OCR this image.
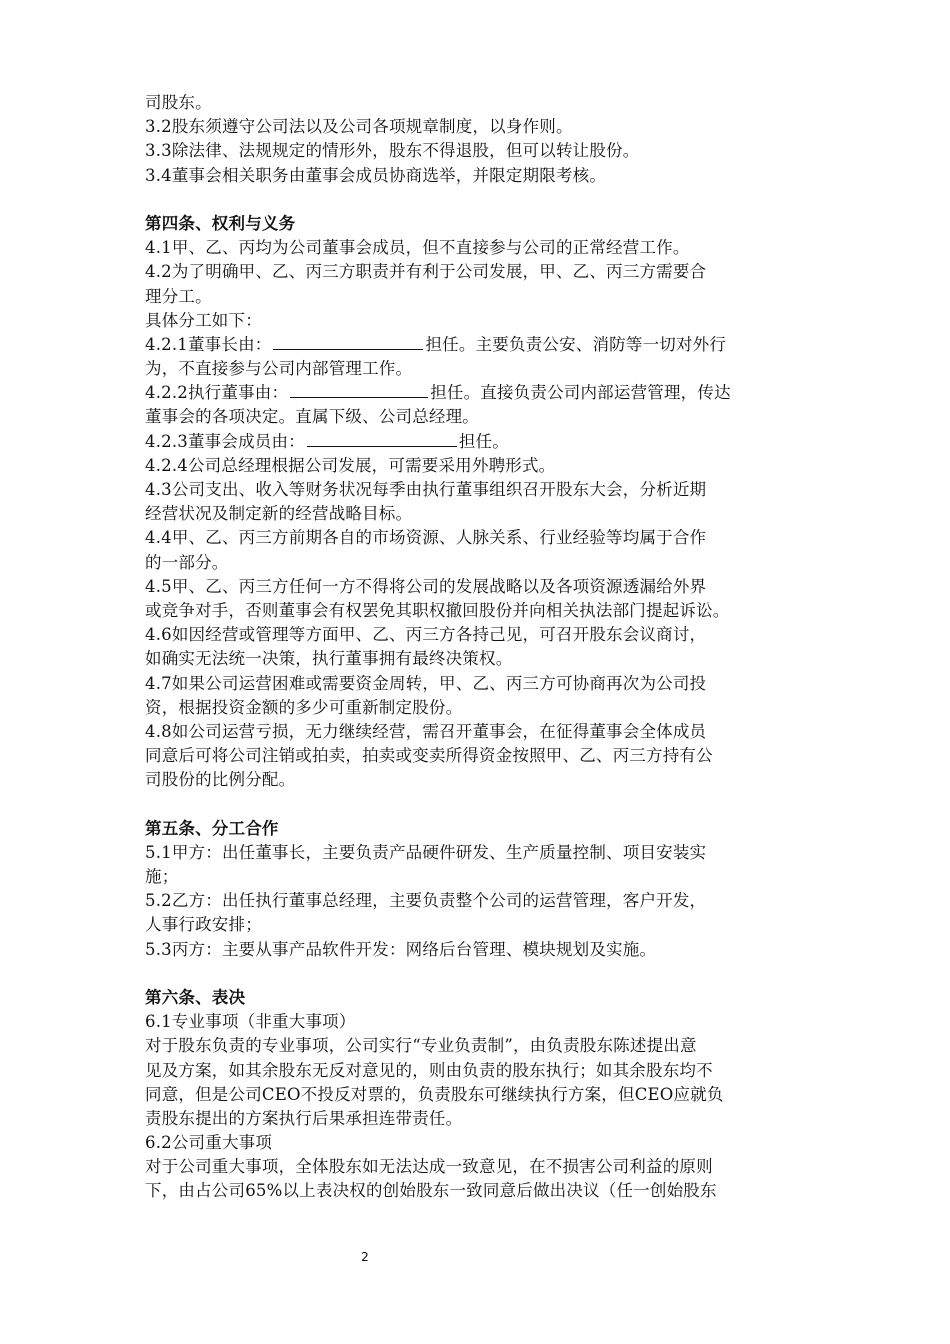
司股东。
3.2股东须遵守公司法以及公司各项规章制度，以身作则。
3.3除法律、法规规定的情形外，股东不得退股，但可以转让股份。
3.4董事会相关职务由董事会成员协商选举，并限定期限考核。
第四条、权利与义务
4.1甲、乙、丙均为公司董事会成员，但不直接参与公司的正常经营工作。
4.2为了明确甲、乙、丙三方职责并有利于公司发展，甲、乙、丙三方需要合
理分工。
具体分工如下：
4.2.1董事长由：	担任。主要负责公安、消防等一切对外行
为，不直接参与公司内部管理工作。
4.2.2执行董事由：	担任。直接负责公司内部运营管理，传达
董事会的各项决定。直属下级、公司总经理。
4.2.3董事会成员由：	担任。
4.2.4公司总经理根据公司发展，可需要采用外聘形式。
4.3公司支出、收入等财务状况每季由执行董事组织召开股东大会，分析近期
经营状况及制定新的经营战略目标。
4.4甲、乙、丙三方前期各自的市场资源、人脉关系、行业经验等均属于合作
的一部分。
4.5甲、乙、丙三方任何一方不得将公司的发展战略以及各项资源透漏给外界
或竞争对手，否则董事会有权罢免其职权撤回股份并向相关执法部门提起诉讼。
4.6如因经营或管理等方面甲、乙、丙三方各持己见，可召开股东会议商讨，
如确实无法统一决策，执行董事拥有最终决策权。
4.7如果公司运营困难或需要资金周转，甲、乙、丙三方可协商再次为公司投
资，根据投资金额的多少可重新制定股份。
4.8如公司运营亏损，无力继续经营，需召开董事会，在征得董事会全体成员
同意后可将公司注销或拍卖，拍卖或变卖所得资金按照甲、乙、丙三方持有公
司股份的比例分配。
第五条、分工合作
5.1甲方：出任董事长，主要负责产品硬件研发、生产质量控制、项目安装实
施；
5.2乙方：出任执行董事总经理，主要负责整个公司的运营管理，客户开发，
人事行政安排；
5.3丙方：主要从事产品软件开发：网络后台管理、模块规划及实施。
第六条、表决
6.1专业事项（非重大事项）
对于股东负责的专业事项，公司实行“专业负责制”，由负责股东陈述提出意
见及方案，如其余股东无反对意见的，则由负责的股东执行；如其余股东均不
同意，但是公司CEO不投反对票的，负责股东可继续执行方案，但CEO应就负
责股东提出的方案执行后果承担连带责任。
6.2公司重大事项
对于公司重大事项，全体股东如无法达成一致意见，在不损害公司利益的原则
下，由占公司65%以上表决权的创始股东一致同意后做出决议（任一创始股东
2
